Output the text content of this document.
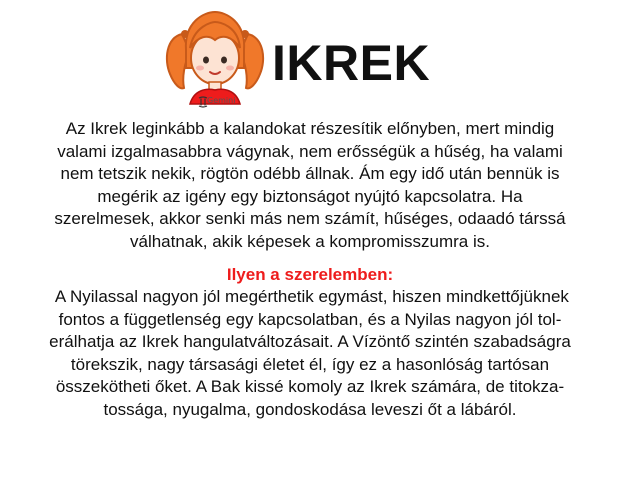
Gemini
IKREK
Az Ikrek leginkább a kalandokat részesítik előnyben, mert mindig
valami izgalmasabbra vágynak, nem erősségük a hűség, ha valami
nem tetszik nekik, rögtön odébb állnak. Ám egy idő után bennük is
megérik az igény egy biztonságot nyújtó kapcsolatra. Ha
szerelmesek, akkor senki más nem számít, hűséges, odaadó társsá
válhatnak, akik képesek a kompromisszumra is.
Ilyen a szerelemben:
A Nyilassal nagyon jól megérthetik egymást, hiszen mindkettőjüknek
fontos a függetlenség egy kapcsolatban, és a Nyilas nagyon jól tol-
erálhatja az Ikrek hangulatváltozásait. A Vízöntő szintén szabadságra
törekszik, nagy társasági életet él, így ez a hasonlóság tartósan
összekötheti őket. A Bak kissé komoly az Ikrek számára, de titokza-
tossága, nyugalma, gondoskodása leveszi őt a lábáról.
